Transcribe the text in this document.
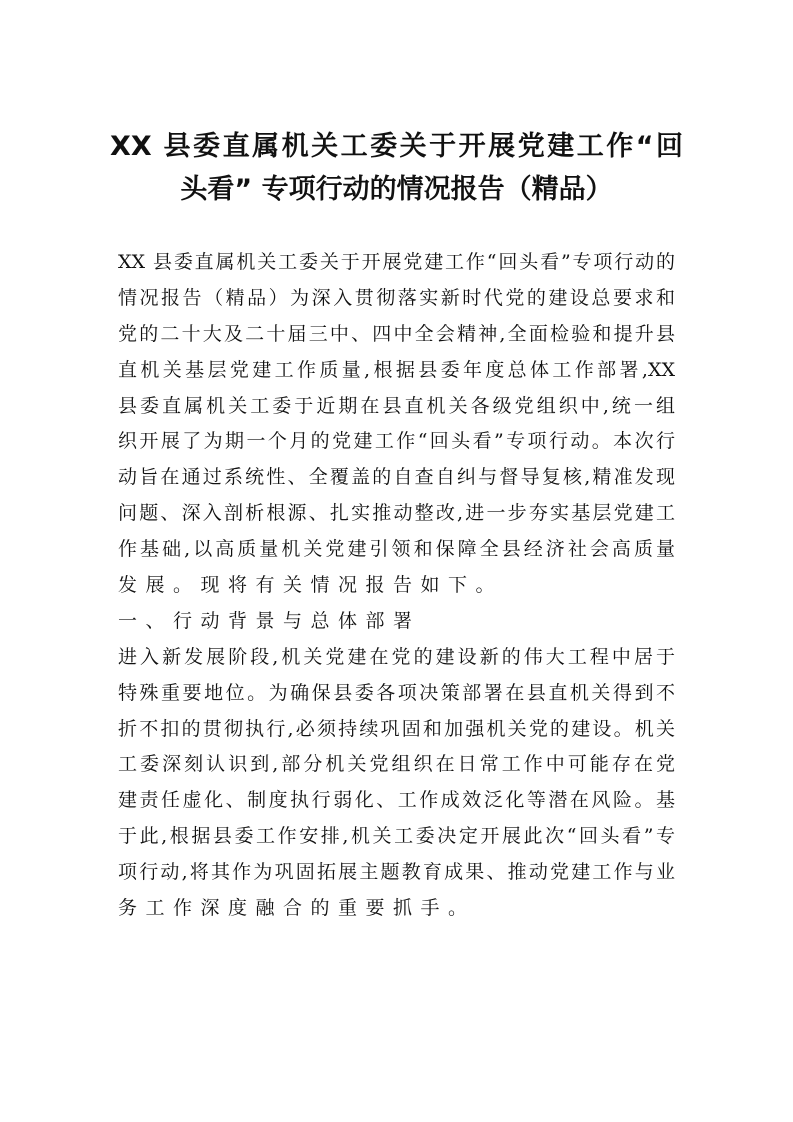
XX 县委直属机关工委关于开展党建工作“回
头看” 专项行动的情况报告（精品）
XX 县委直属机关工委关于开展党建工作“回头看”专项行动的
情况报告（精品）为深入贯彻落实新时代党的建设总要求和
党的二十大及二十届三中、四中全会精神,全面检验和提升县
直机关基层党建工作质量,根据县委年度总体工作部署,XX
县委直属机关工委于近期在县直机关各级党组织中,统一组
织开展了为期一个月的党建工作“回头看”专项行动。本次行
动旨在通过系统性、全覆盖的自查自纠与督导复核,精准发现
问题、深入剖析根源、扎实推动整改,进一步夯实基层党建工
作基础,以高质量机关党建引领和保障全县经济社会高质量
发展。现将有关情况报告如下。
一、行动背景与总体部署
进入新发展阶段,机关党建在党的建设新的伟大工程中居于
特殊重要地位。为确保县委各项决策部署在县直机关得到不
折不扣的贯彻执行,必须持续巩固和加强机关党的建设。机关
工委深刻认识到,部分机关党组织在日常工作中可能存在党
建责任虚化、制度执行弱化、工作成效泛化等潜在风险。基
于此,根据县委工作安排,机关工委决定开展此次“回头看”专
项行动,将其作为巩固拓展主题教育成果、推动党建工作与业
务工作深度融合的重要抓手。
